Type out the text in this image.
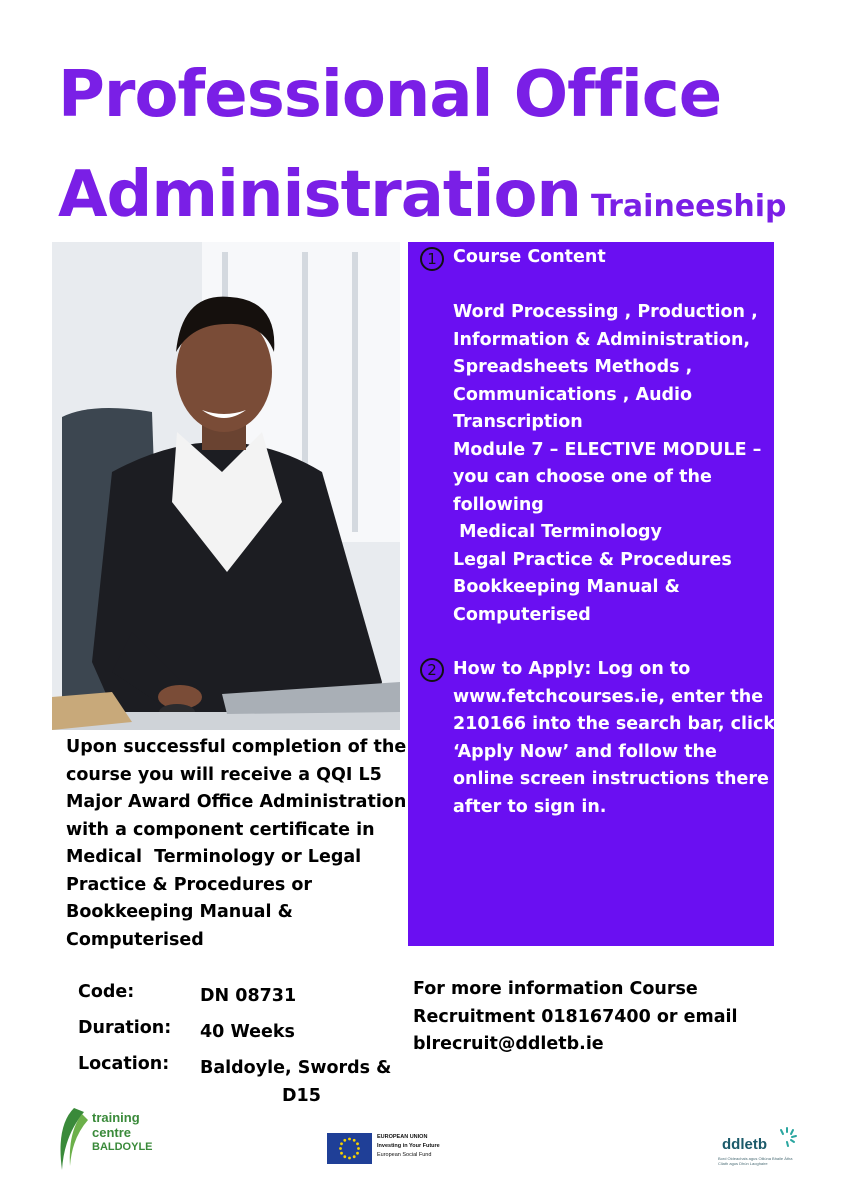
Professional Office
Administration Traineeship
1 Course Content
Word Processing , Production ,
Information & Administration,
Spreadsheets Methods ,
Communications , Audio
Transcription
Module 7 – ELECTIVE MODULE –
you can choose one of the
following
Medical Terminology
Legal Practice & Procedures
Bookkeeping Manual &
Computerised
2 How to Apply: Log on to
www.fetchcourses.ie, enter the
210166 into the search bar, click
‘Apply Now’ and follow the
online screen instructions there
after to sign in.
Upon successful completion of the
course you will receive a QQI L5
Major Award Office Administration
with a component certificate in
Medical  Terminology or Legal
Practice & Procedures or
Bookkeeping Manual &
Computerised
Code:	DN 08731
Duration:	40 Weeks
Location:	Baldoyle, Swords &
D15
For more information Course
Recruitment 018167400 or email
blrecruit@ddletb.ie
training
centre
BALDOYLE
EUROPEAN UNION
Investing in Your Future
European Social Fund
ddletb
Bord Oideachais agus Oiliúna Bhaile Átha Cliath agus Dhún Laoghaire
